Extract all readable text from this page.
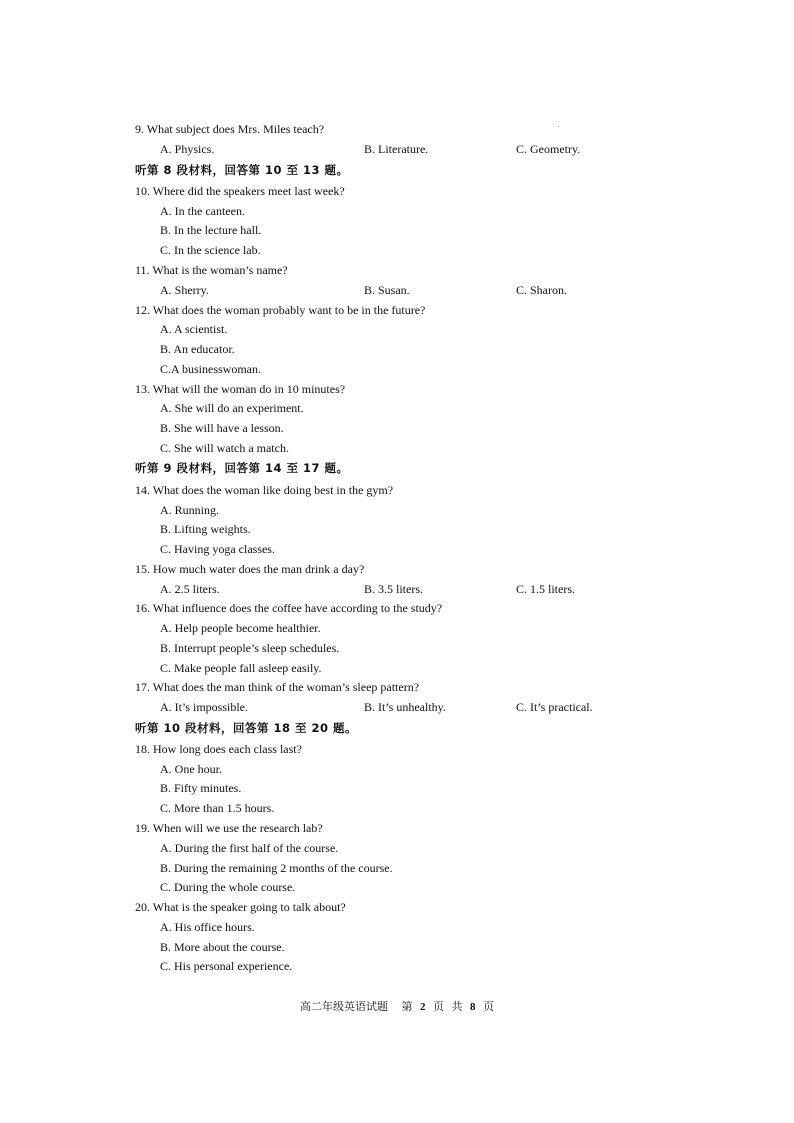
9. What subject does Mrs. Miles teach?
A. Physics.	B. Literature.	C. Geometry.
听第 8 段材料，回答第 10 至 13 题。
10. Where did the speakers meet last week?
A. In the canteen.
B. In the lecture hall.
C. In the science lab.
11. What is the woman’s name?
A. Sherry.	B. Susan.	C. Sharon.
12. What does the woman probably want to be in the future?
A. A scientist.
B. An educator.
C.A businesswoman.
13. What will the woman do in 10 minutes?
A. She will do an experiment.
B. She will have a lesson.
C. She will watch a match.
听第 9 段材料，回答第 14 至 17 题。
14. What does the woman like doing best in the gym?
A. Running.
B. Lifting weights.
C. Having yoga classes.
15. How much water does the man drink a day?
A. 2.5 liters.	B. 3.5 liters.	C. 1.5 liters.
16. What influence does the coffee have according to the study?
A. Help people become healthier.
B. Interrupt people’s sleep schedules.
C. Make people fall asleep easily.
17. What does the man think of the woman’s sleep pattern?
A. It’s impossible.	B. It’s unhealthy.	C. It’s practical.
听第 10 段材料，回答第 18 至 20 题。
18. How long does each class last?
A. One hour.
B. Fifty minutes.
C. More than 1.5 hours.
19. When will we use the research lab?
A. During the first half of the course.
B. During the remaining 2 months of the course.
C. During the whole course.
20. What is the speaker going to talk about?
A. His office hours.
B. More about the course.
C. His personal experience.
高二年级英语试题 第 2 页 共 8 页
